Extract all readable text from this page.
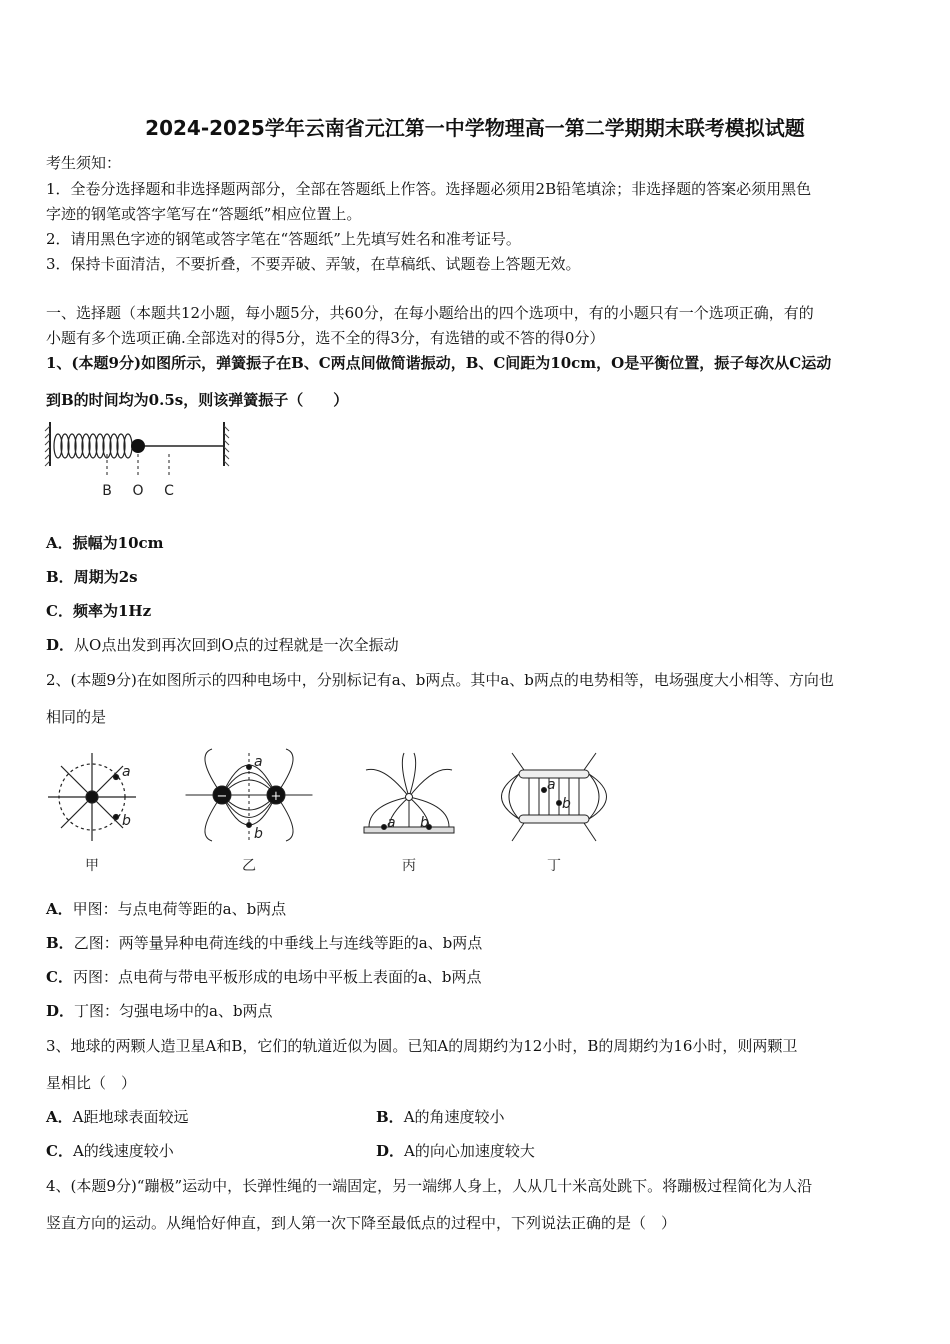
2024-2025学年云南省元江第一中学物理高一第二学期期末联考模拟试题
考生须知：
1．全卷分选择题和非选择题两部分，全部在答题纸上作答。选择题必须用2B铅笔填涂；非选择题的答案必须用黑色
字迹的钢笔或答字笔写在“答题纸”相应位置上。
2．请用黑色字迹的钢笔或答字笔在“答题纸”上先填写姓名和准考证号。
3．保持卡面清洁，不要折叠，不要弄破、弄皱，在草稿纸、试题卷上答题无效。
一、选择题（本题共12小题，每小题5分，共60分，在每小题给出的四个选项中，有的小题只有一个选项正确，有的
小题有多个选项正确.全部选对的得5分，选不全的得3分，有选错的或不答的得0分）
1、(本题9分)如图所示，弹簧振子在B、C两点间做简谐振动，B、C间距为10cm，O是平衡位置，振子每次从C运动
到B的时间均为0.5s，则该弹簧振子（　　）
B O C
A．振幅为10cm
B．周期为2s
C．频率为1Hz
D．从O点出发到再次回到O点的过程就是一次全振动
2、(本题9分)在如图所示的四种电场中，分别标记有a、b两点。其中a、b两点的电势相等，电场强度大小相等、方向也
相同的是
a
b
甲
−	+
a
b
乙
a b
丙
a
b
丁
A．甲图：与点电荷等距的a、b两点
B．乙图：两等量异种电荷连线的中垂线上与连线等距的a、b两点
C．丙图：点电荷与带电平板形成的电场中平板上表面的a、b两点
D．丁图：匀强电场中的a、b两点
3、地球的两颗人造卫星A和B，它们的轨道近似为圆。已知A的周期约为12小时，B的周期约为16小时，则两颗卫
星相比（　）
A．A距地球表面较远	B．A的角速度较小
C．A的线速度较小	D．A的向心加速度较大
4、(本题9分)“蹦极”运动中，长弹性绳的一端固定，另一端绑人身上，人从几十米高处跳下。将蹦极过程简化为人沿
竖直方向的运动。从绳恰好伸直，到人第一次下降至最低点的过程中，下列说法正确的是（　）
